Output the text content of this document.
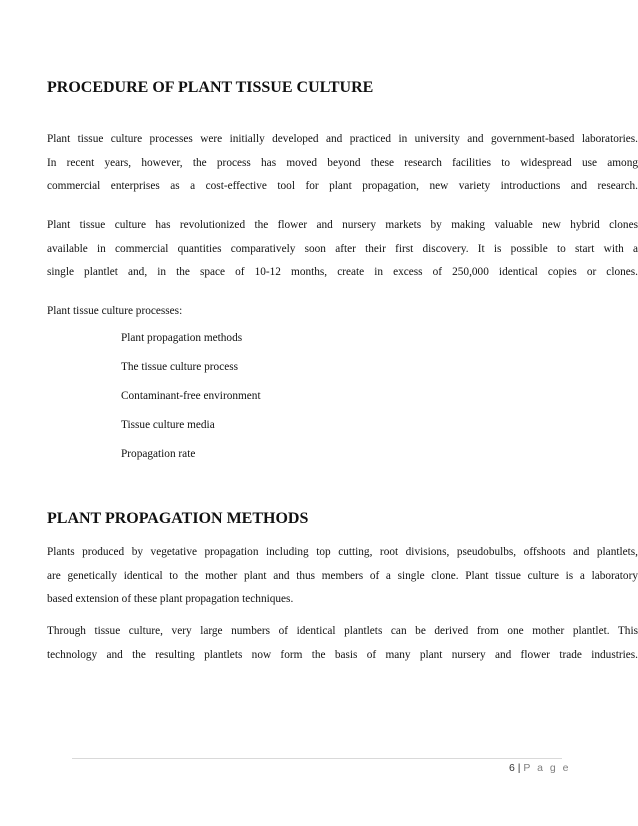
PROCEDURE OF PLANT TISSUE CULTURE
Plant tissue culture processes were initially developed and practiced in university and government-based laboratories.
In recent years, however, the process has moved beyond these research facilities to widespread use among
commercial enterprises as a cost-effective tool for plant propagation, new variety introductions and research.
Plant tissue culture has revolutionized the flower and nursery markets by making valuable new hybrid clones
available in commercial quantities comparatively soon after their first discovery. It is possible to start with a
single plantlet and, in the space of 10-12 months, create in excess of 250,000 identical copies or clones.
Plant tissue culture processes:
Plant propagation methods
The tissue culture process
Contaminant-free environment
Tissue culture media
Propagation rate
PLANT PROPAGATION METHODS
Plants produced by vegetative propagation including top cutting, root divisions, pseudobulbs, offshoots and plantlets,
are genetically identical to the mother plant and thus members of a single clone. Plant tissue culture is a laboratory
based extension of these plant propagation techniques.
Through tissue culture, very large numbers of identical plantlets can be derived from one mother plantlet. This
technology and the resulting plantlets now form the basis of many plant nursery and flower trade industries.
6 | P a g e
